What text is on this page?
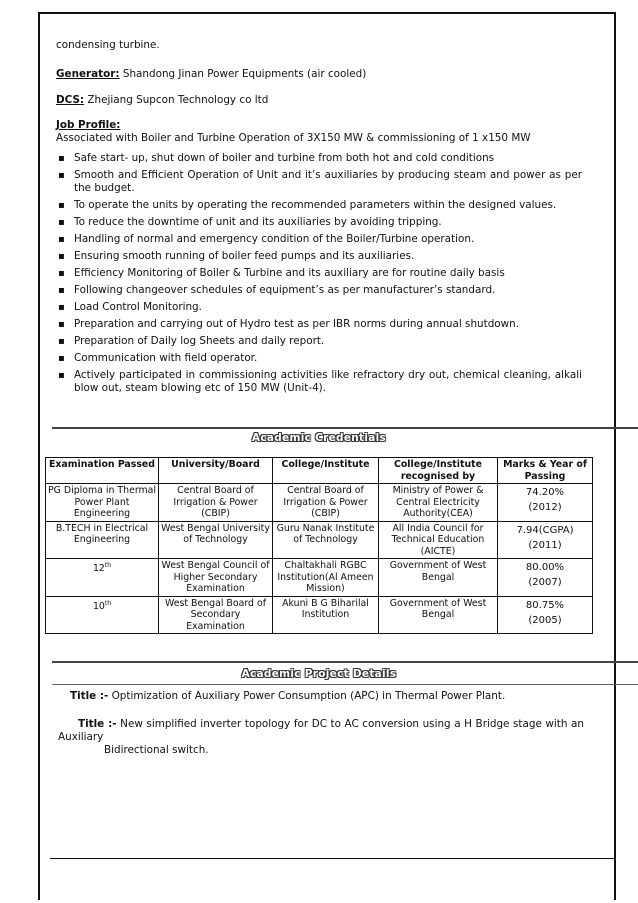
condensing turbine.
Generator: Shandong Jinan Power Equipments (air cooled)
DCS: Zhejiang Supcon Technology co ltd
Job Profile:
Associated with Boiler and Turbine Operation of 3X150 MW & commissioning of 1 x150 MW
▪ Safe start- up, shut down of boiler and turbine from both hot and cold conditions
▪ Smooth and Efficient Operation of Unit and it’s auxiliaries by producing steam and power as per the budget.
▪ To operate the units by operating the recommended parameters within the designed values.
▪ To reduce the downtime of unit and its auxiliaries by avoiding tripping.
▪ Handling of normal and emergency condition of the Boiler/Turbine operation.
▪ Ensuring smooth running of boiler feed pumps and its auxiliaries.
▪ Efficiency Monitoring of Boiler & Turbine and its auxiliary are for routine daily basis
▪ Following changeover schedules of equipment’s as per manufacturer’s standard.
▪ Load Control Monitoring.
▪ Preparation and carrying out of Hydro test as per IBR norms during annual shutdown.
▪ Preparation of Daily log Sheets and daily report.
▪ Communication with field operator.
▪ Actively participated in commissioning activities like refractory dry out, chemical cleaning, alkali blow out, steam blowing etc of 150 MW (Unit-4).
Academic Credentials
Examination Passed	University/Board	College/Institute	College/Institute recognised by	Marks & Year of Passing
PG Diploma in Thermal Power Plant Engineering	Central Board of Irrigation & Power (CBIP)	Central Board of Irrigation & Power (CBIP)	Ministry of Power & Central Electricity Authority(CEA)	74.20%
(2012)
B.TECH in Electrical Engineering	West Bengal University of Technology	Guru Nanak Institute of Technology	All India Council for Technical Education (AICTE)	7.94(CGPA)
(2011)
12th	West Bengal Council of Higher Secondary Examination	Chaltakhali RGBC Institution(Al Ameen Mission)	Government of West Bengal	80.00%
(2007)
10th	West Bengal Board of Secondary Examination	Akuni B G Biharilal Institution	Government of West Bengal	80.75%
(2005)
Academic Project Details
Title :- Optimization of Auxiliary Power Consumption (APC) in Thermal Power Plant.
Title :- New simplified inverter topology for DC to AC conversion using a H Bridge stage with an Auxiliary
Bidirectional switch.
